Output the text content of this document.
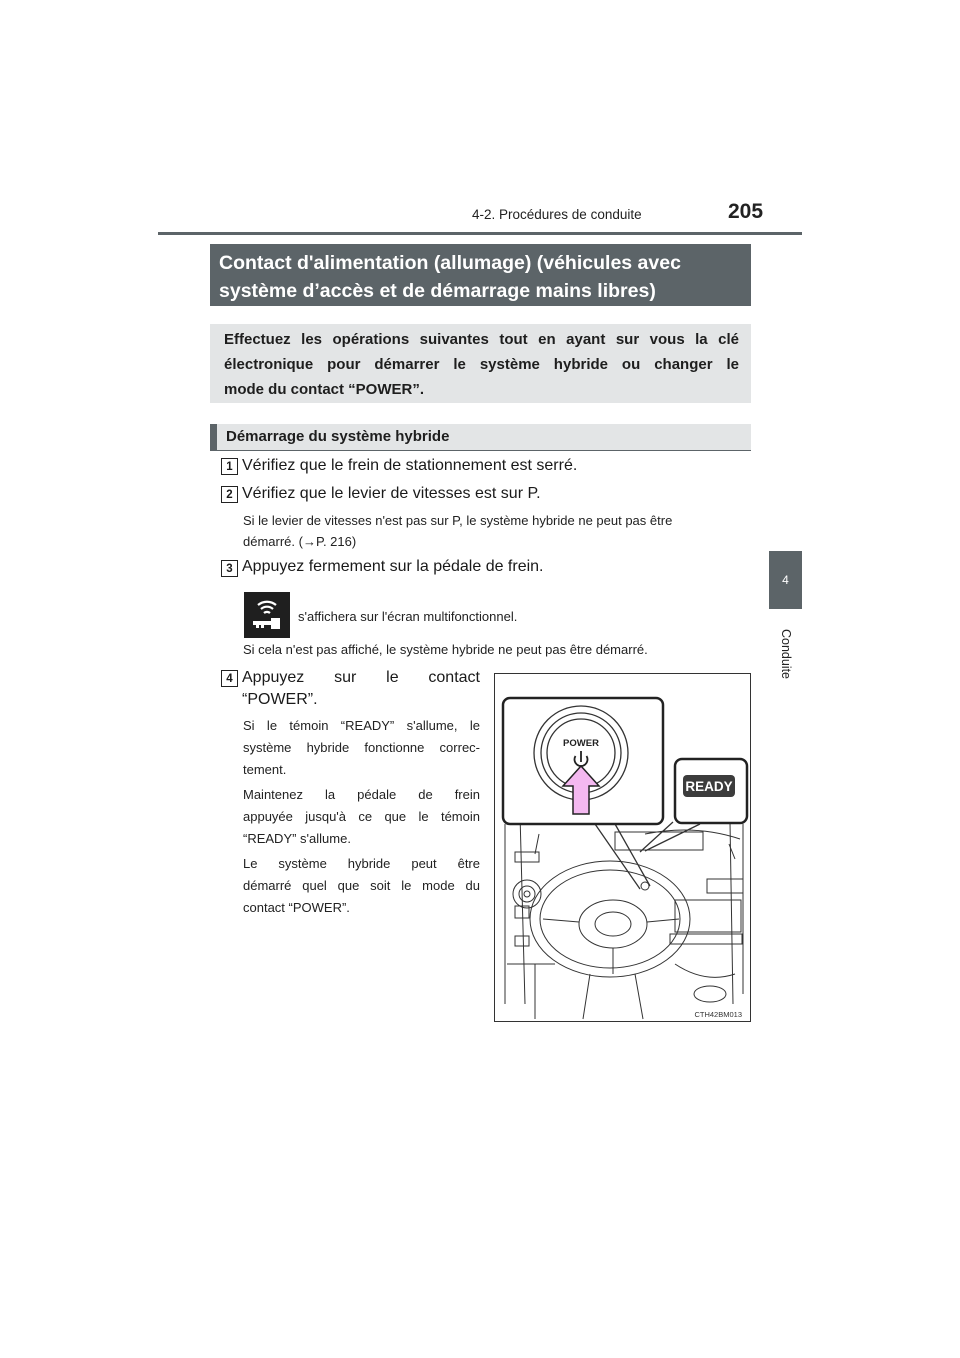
4-2. Procédures de conduite	205
4
Conduite
Contact d'alimentation (allumage) (véhicules avec
système d’accès et de démarrage mains libres)
Effectuez les opérations suivantes tout en ayant sur vous la clé
électronique pour démarrer le système hybride ou changer le
mode du contact “POWER”.
Démarrage du système hybride
1 Vérifiez que le frein de stationnement est serré.
2 Vérifiez que le levier de vitesses est sur P.
Si le levier de vitesses n'est pas sur P, le système hybride ne peut pas être
démarré. (→P. 216)
3 Appuyez fermement sur la pédale de frein.
s'affichera sur l'écran multifonctionnel.
Si cela n'est pas affiché, le système hybride ne peut pas être démarré.
4 Appuyez sur le contact
“POWER”.
Si le témoin “READY” s'allume, le
système hybride fonctionne correc-
tement.
Maintenez la pédale de frein
appuyée jusqu'à ce que le témoin
“READY” s'allume.
Le système hybride peut être
démarré quel que soit le mode du
contact “POWER”.
POWER
READY
CTH42BM013
